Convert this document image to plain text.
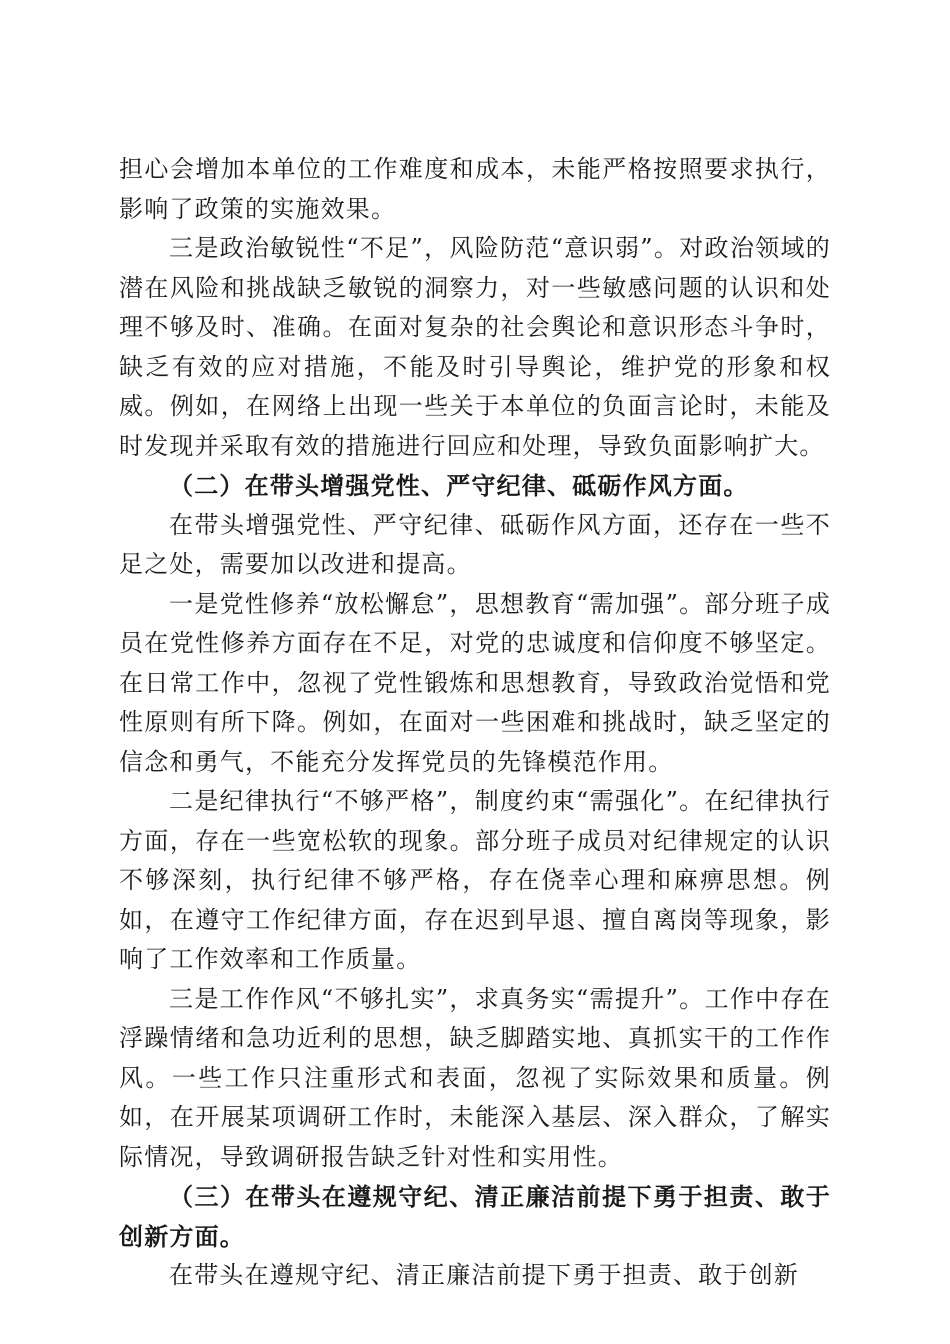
担心会增加本单位的工作难度和成本，未能严格按照要求执行，影响了政策的实施效果。

三是政治敏锐性“不足”，风险防范“意识弱”。对政治领域的潜在风险和挑战缺乏敏锐的洞察力，对一些敏感问题的认识和处理不够及时、准确。在面对复杂的社会舆论和意识形态斗争时，缺乏有效的应对措施，不能及时引导舆论，维护党的形象和权威。例如，在网络上出现一些关于本单位的负面言论时，未能及时发现并采取有效的措施进行回应和处理，导致负面影响扩大。

（二）在带头增强党性、严守纪律、砥砺作风方面。

在带头增强党性、严守纪律、砥砺作风方面，还存在一些不足之处，需要加以改进和提高。

一是党性修养“放松懈怠”，思想教育“需加强”。部分班子成员在党性修养方面存在不足，对党的忠诚度和信仰度不够坚定。在日常工作中，忽视了党性锻炼和思想教育，导致政治觉悟和党性原则有所下降。例如，在面对一些困难和挑战时，缺乏坚定的信念和勇气，不能充分发挥党员的先锋模范作用。

二是纪律执行“不够严格”，制度约束“需强化”。在纪律执行方面，存在一些宽松软的现象。部分班子成员对纪律规定的认识不够深刻，执行纪律不够严格，存在侥幸心理和麻痹思想。例如，在遵守工作纪律方面，存在迟到早退、擅自离岗等现象，影响了工作效率和工作质量。

三是工作作风“不够扎实”，求真务实“需提升”。工作中存在浮躁情绪和急功近利的思想，缺乏脚踏实地、真抓实干的工作作风。一些工作只注重形式和表面，忽视了实际效果和质量。例如，在开展某项调研工作时，未能深入基层、深入群众，了解实际情况，导致调研报告缺乏针对性和实用性。

（三）在带头在遵规守纪、清正廉洁前提下勇于担责、敢于创新方面。

在带头在遵规守纪、清正廉洁前提下勇于担责、敢于创新
